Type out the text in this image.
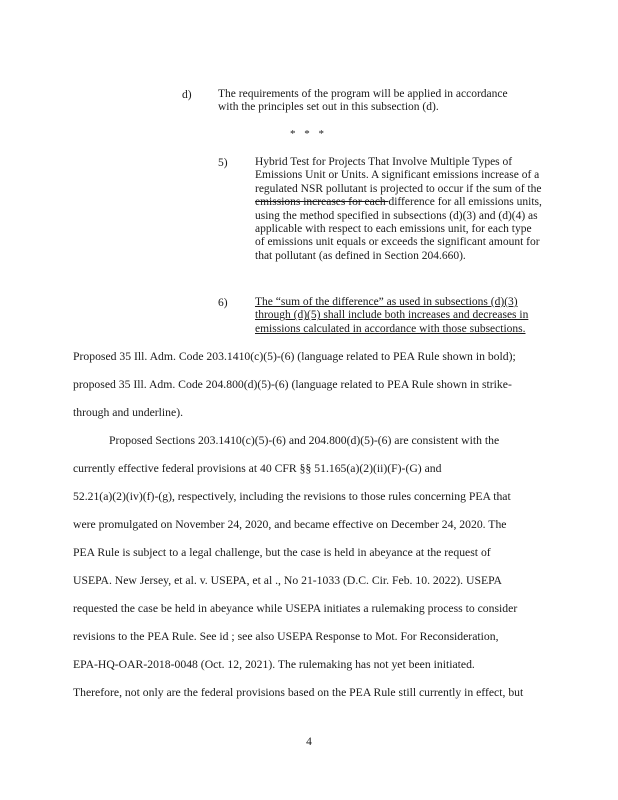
d) The requirements of the program will be applied in accordance with the principles set out in this subsection (d).
* * *
5) Hybrid Test for Projects That Involve Multiple Types of Emissions Unit or Units. A significant emissions increase of a regulated NSR pollutant is projected to occur if the sum of the emissions increases for each difference for all emissions units, using the method specified in subsections (d)(3) and (d)(4) as applicable with respect to each emissions unit, for each type of emissions unit equals or exceeds the significant amount for that pollutant (as defined in Section 204.660).
6) The “sum of the difference” as used in subsections (d)(3) through (d)(5) shall include both increases and decreases in emissions calculated in accordance with those subsections.
Proposed 35 Ill. Adm. Code 203.1410(c)(5)-(6) (language related to PEA Rule shown in bold);
proposed 35 Ill. Adm. Code 204.800(d)(5)-(6) (language related to PEA Rule shown in strike-
through and underline).
Proposed Sections 203.1410(c)(5)-(6) and 204.800(d)(5)-(6) are consistent with the
currently effective federal provisions at 40 CFR §§ 51.165(a)(2)(ii)(F)-(G) and
52.21(a)(2)(iv)(f)-(g), respectively, including the revisions to those rules concerning PEA that
were promulgated on November 24, 2020, and became effective on December 24, 2020. The
PEA Rule is subject to a legal challenge, but the case is held in abeyance at the request of
USEPA. New Jersey, et al. v. USEPA, et al ., No 21-1033 (D.C. Cir. Feb. 10. 2022). USEPA
requested the case be held in abeyance while USEPA initiates a rulemaking process to consider
revisions to the PEA Rule. See id ; see also USEPA Response to Mot. For Reconsideration,
EPA-HQ-OAR-2018-0048 (Oct. 12, 2021). The rulemaking has not yet been initiated.
Therefore, not only are the federal provisions based on the PEA Rule still currently in effect, but
4
